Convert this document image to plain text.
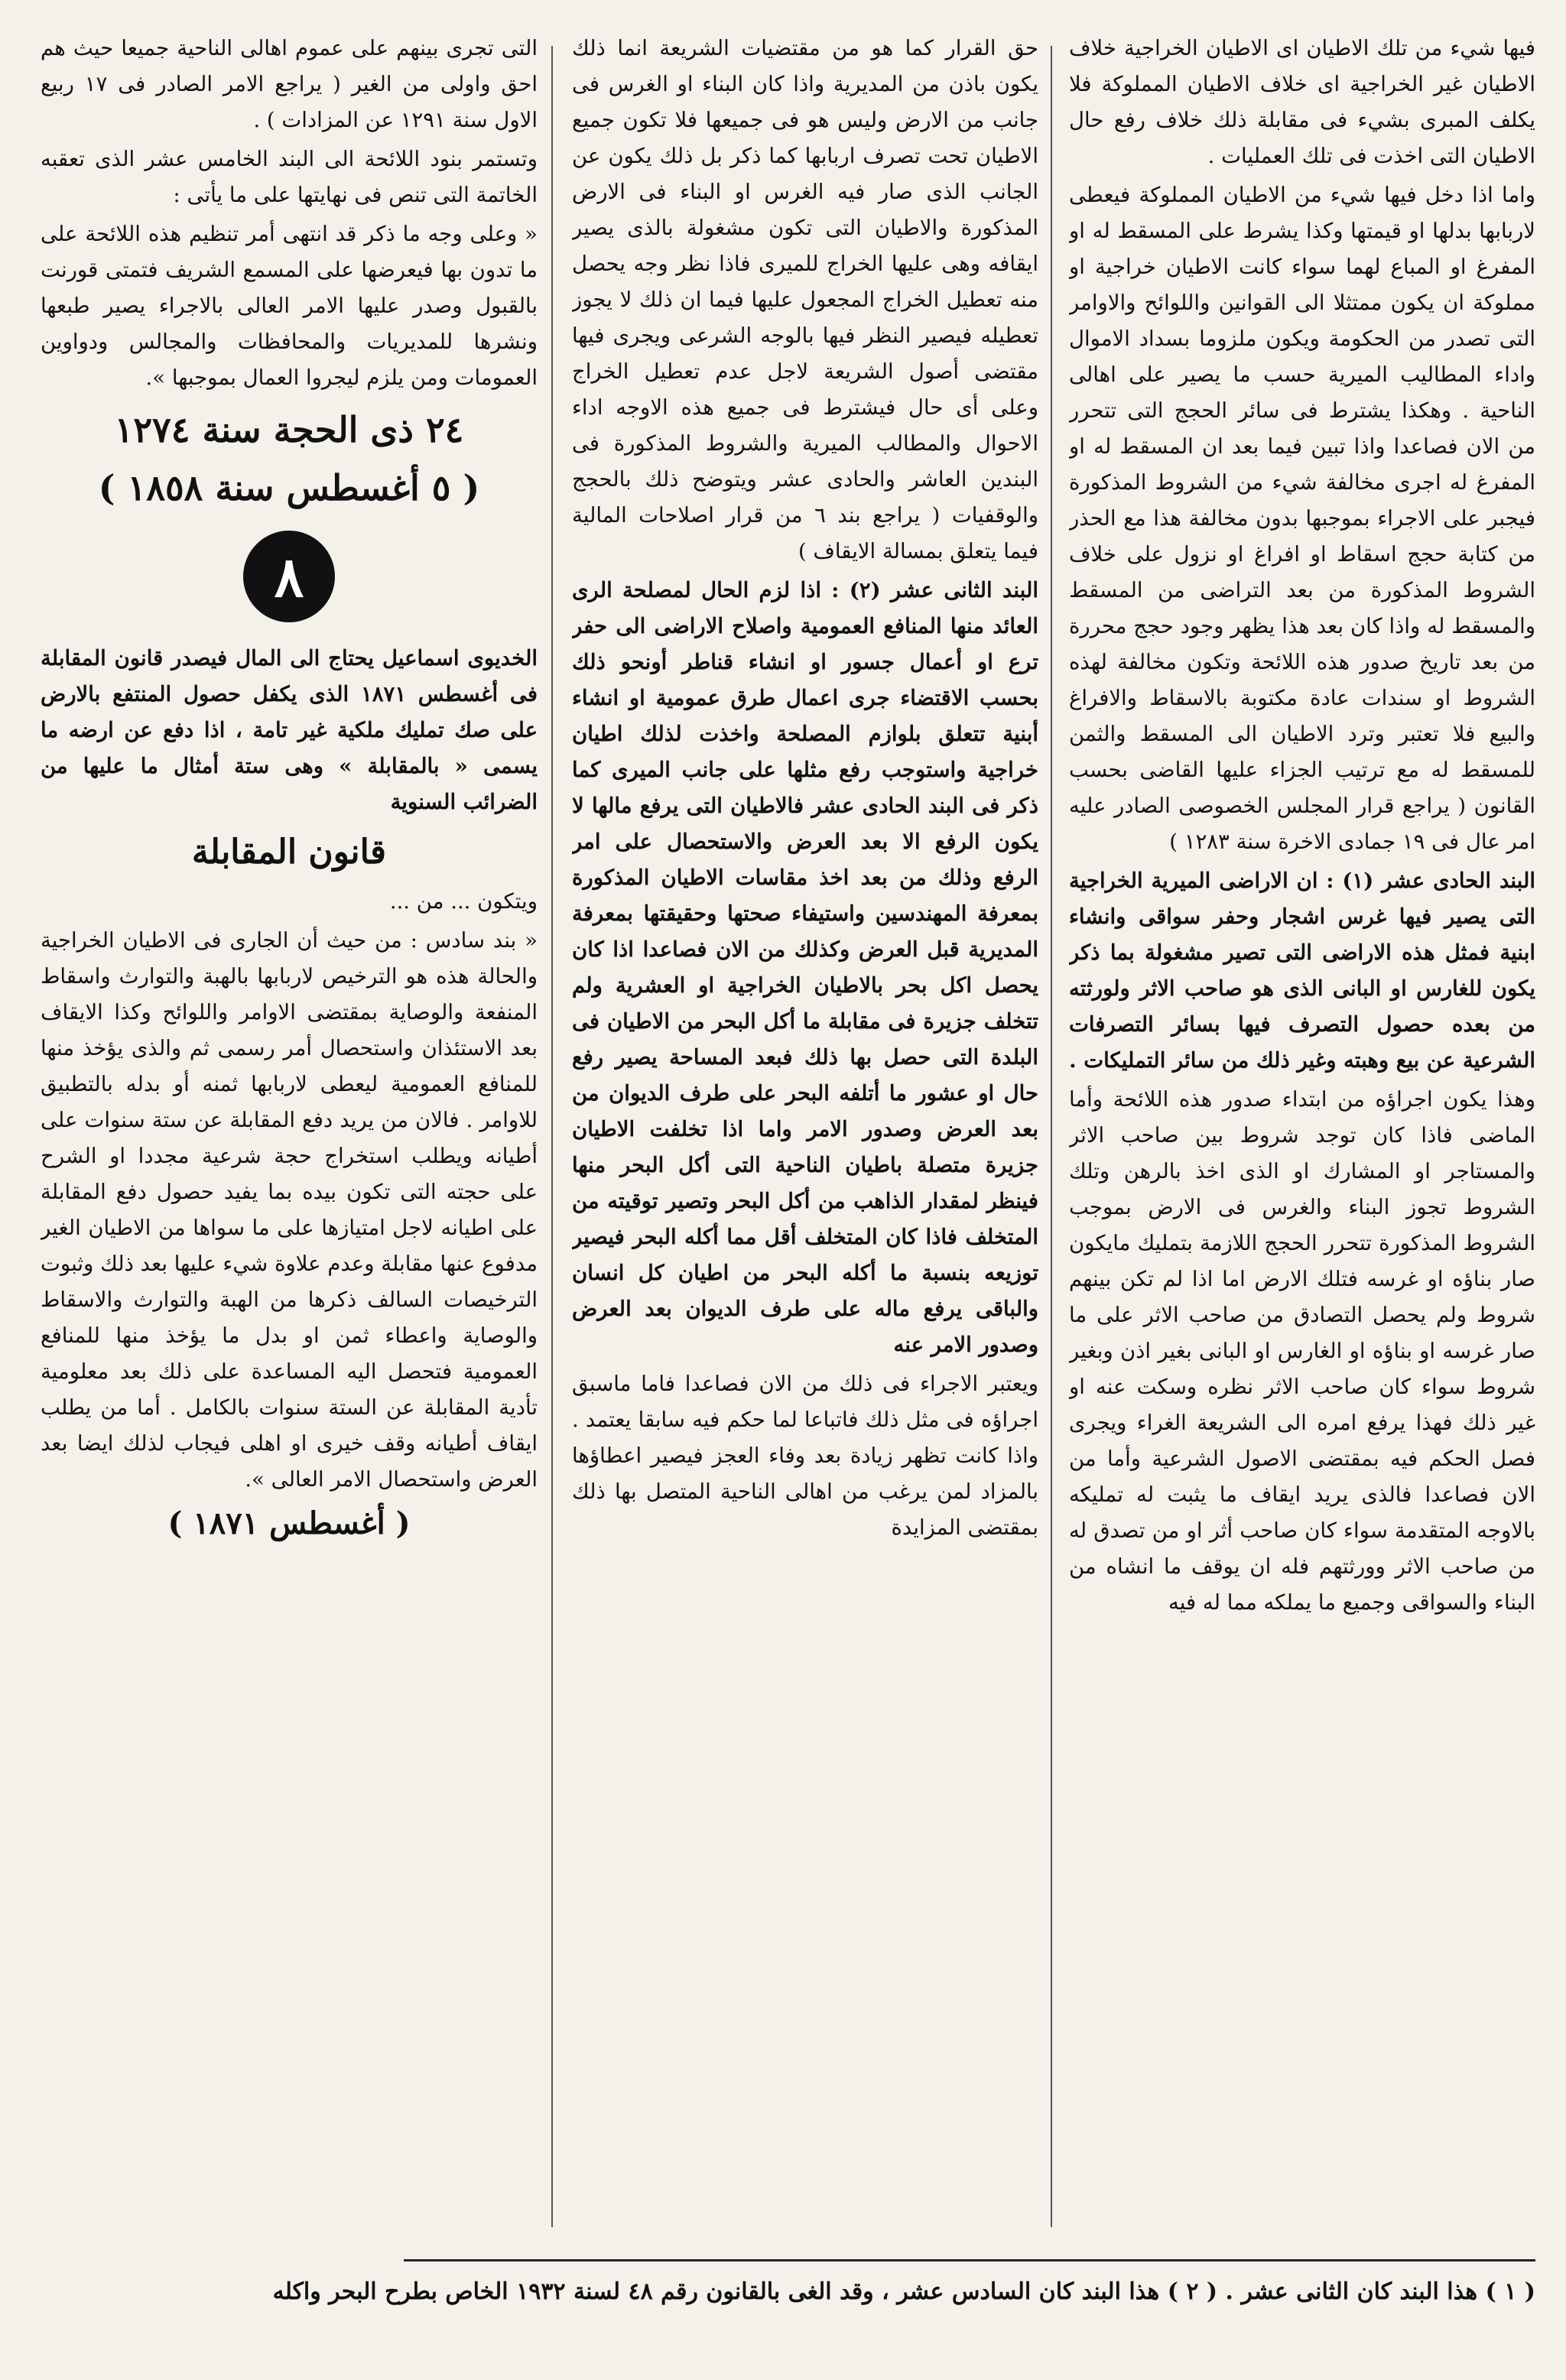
فيها شيء من تلك الاطيان اى الاطيان الخراجية خلاف الاطيان غير الخراجية اى خلاف الاطيان المملوكة فلا يكلف المبرى بشيء فى مقابلة ذلك خلاف رفع حال الاطيان التى اخذت فى تلك العمليات .

واما اذا دخل فيها شيء من الاطيان المملوكة فيعطى لاربابها بدلها او قيمتها وكذا يشرط على المسقط له او المفرغ او المباع لهما سواء كانت الاطيان خراجية او مملوكة ان يكون ممتثلا الى القوانين واللوائح والاوامر التى تصدر من الحكومة ويكون ملزوما بسداد الاموال واداء المطاليب الميرية حسب ما يصير على اهالى الناحية . وهكذا يشترط فى سائر الحجج التى تتحرر من الان فصاعدا واذا تبين فيما بعد ان المسقط له او المفرغ له اجرى مخالفة شيء من الشروط المذكورة فيجبر على الاجراء بموجبها بدون مخالفة هذا مع الحذر من كتابة حجج اسقاط او افراغ او نزول على خلاف الشروط المذكورة من بعد التراضى من المسقط والمسقط له واذا كان بعد هذا يظهر وجود حجج محررة من بعد تاريخ صدور هذه اللائحة وتكون مخالفة لهذه الشروط او سندات عادة مكتوبة بالاسقاط والافراغ والبيع فلا تعتبر وترد الاطيان الى المسقط والثمن للمسقط له مع ترتيب الجزاء عليها القاضى بحسب القانون ( يراجع قرار المجلس الخصوصى الصادر عليه امر عال فى ١٩ جمادى الاخرة سنة ١٢٨٣ )

البند الحادى عشر (١) : ان الاراضى الميرية الخراجية التى يصير فيها غرس اشجار وحفر سواقى وانشاء ابنية فمثل هذه الاراضى التى تصير مشغولة بما ذكر يكون للغارس او البانى الذى هو صاحب الاثر ولورثته من بعده حصول التصرف فيها بسائر التصرفات الشرعية عن بيع وهبته وغير ذلك من سائر التمليكات .

وهذا يكون اجراؤه من ابتداء صدور هذه اللائحة وأما الماضى فاذا كان توجد شروط بين صاحب الاثر والمستاجر او المشارك او الذى اخذ بالرهن وتلك الشروط تجوز البناء والغرس فى الارض بموجب الشروط المذكورة تتحرر الحجج اللازمة بتمليك مايكون صار بناؤه او غرسه فتلك الارض اما اذا لم تكن بينهم شروط ولم يحصل التصادق من صاحب الاثر على ما صار غرسه او بناؤه او الغارس او البانى بغير اذن وبغير شروط سواء كان صاحب الاثر نظره وسكت عنه او غير ذلك فهذا يرفع امره الى الشريعة الغراء ويجرى فصل الحكم فيه بمقتضى الاصول الشرعية وأما من الان فصاعدا فالذى يريد ايقاف ما يثبت له تمليكه بالاوجه المتقدمة سواء كان صاحب أثر او من تصدق له من صاحب الاثر وورثتهم فله ان يوقف ما انشاه من البناء والسواقى وجميع ما يملكه مما له فيه

حق القرار كما هو من مقتضيات الشريعة انما ذلك يكون باذن من المديرية واذا كان البناء او الغرس فى جانب من الارض وليس هو فى جميعها فلا تكون جميع الاطيان تحت تصرف اربابها كما ذكر بل ذلك يكون عن الجانب الذى صار فيه الغرس او البناء فى الارض المذكورة والاطيان التى تكون مشغولة بالذى يصير ايقافه وهى عليها الخراج للميرى فاذا نظر وجه يحصل منه تعطيل الخراج المجعول عليها فيما ان ذلك لا يجوز تعطيله فيصير النظر فيها بالوجه الشرعى ويجرى فيها مقتضى أصول الشريعة لاجل عدم تعطيل الخراج وعلى أى حال فيشترط فى جميع هذه الاوجه اداء الاحوال والمطالب الميرية والشروط المذكورة فى البندين العاشر والحادى عشر ويتوضح ذلك بالحجج والوقفيات ( يراجع بند ٦ من قرار اصلاحات المالية فيما يتعلق بمسالة الايقاف )

البند الثانى عشر (٢) : اذا لزم الحال لمصلحة الرى العائد منها المنافع العمومية واصلاح الاراضى الى حفر ترع او أعمال جسور او انشاء قناطر أونحو ذلك بحسب الاقتضاء جرى اعمال طرق عمومية او انشاء أبنية تتعلق بلوازم المصلحة واخذت لذلك اطيان خراجية واستوجب رفع مثلها على جانب الميرى كما ذكر فى البند الحادى عشر فالاطيان التى يرفع مالها لا يكون الرفع الا بعد العرض والاستحصال على امر الرفع وذلك من بعد اخذ مقاسات الاطيان المذكورة بمعرفة المهندسين واستيفاء صحتها وحقيقتها بمعرفة المديرية قبل العرض وكذلك من الان فصاعدا اذا كان يحصل اكل بحر بالاطيان الخراجية او العشرية ولم تتخلف جزيرة فى مقابلة ما أكل البحر من الاطيان فى البلدة التى حصل بها ذلك فبعد المساحة يصير رفع حال او عشور ما أتلفه البحر على طرف الديوان من بعد العرض وصدور الامر واما اذا تخلفت الاطيان جزيرة متصلة باطيان الناحية التى أكل البحر منها فينظر لمقدار الذاهب من أكل البحر وتصير توقيته من المتخلف فاذا كان المتخلف أقل مما أكله البحر فيصير توزيعه بنسبة ما أكله البحر من اطيان كل انسان والباقى يرفع ماله على طرف الديوان بعد العرض وصدور الامر عنه

ويعتبر الاجراء فى ذلك من الان فصاعدا فاما ماسبق اجراؤه فى مثل ذلك فاتباعا لما حكم فيه سابقا يعتمد . واذا كانت تظهر زيادة بعد وفاء العجز فيصير اعطاؤها بالمزاد لمن يرغب من اهالى الناحية المتصل بها ذلك بمقتضى المزايدة

التى تجرى بينهم على عموم اهالى الناحية جميعا حيث هم احق واولى من الغير ( يراجع الامر الصادر فى ١٧ ربيع الاول سنة ١٢٩١ عن المزادات ) .

وتستمر بنود اللائحة الى البند الخامس عشر الذى تعقبه الخاتمة التى تنص فى نهايتها على ما يأتى :

« وعلى وجه ما ذكر قد انتهى أمر تنظيم هذه اللائحة على ما تدون بها فيعرضها على المسمع الشريف فتمتى قورنت بالقبول وصدر عليها الامر العالى بالاجراء يصير طبعها ونشرها للمديريات والمحافظات والمجالس ودواوين العمومات ومن يلزم ليجروا العمال بموجبها ».

٢٤ ذى الحجة سنة ١٢٧٤
( ٥ أغسطس سنة ١٨٥٨ )
٨

الخديوى اسماعيل يحتاج الى المال فيصدر قانون المقابلة فى أغسطس ١٨٧١ الذى يكفل حصول المنتفع بالارض على صك تمليك ملكية غير تامة ، اذا دفع عن ارضه ما يسمى « بالمقابلة » وهى ستة أمثال ما عليها من الضرائب السنوية

قانون المقابلة

ويتكون ... من ...

« بند سادس : من حيث أن الجارى فى الاطيان الخراجية والحالة هذه هو الترخيص لاربابها بالهبة والتوارث واسقاط المنفعة والوصاية بمقتضى الاوامر واللوائح وكذا الايقاف بعد الاستئذان واستحصال أمر رسمى ثم والذى يؤخذ منها للمنافع العمومية ليعطى لاربابها ثمنه أو بدله بالتطبيق للاوامر . فالان من يريد دفع المقابلة عن ستة سنوات على أطيانه ويطلب استخراج حجة شرعية مجددا او الشرح على حجته التى تكون بيده بما يفيد حصول دفع المقابلة على اطيانه لاجل امتيازها على ما سواها من الاطيان الغير مدفوع عنها مقابلة وعدم علاوة شيء عليها بعد ذلك وثبوت الترخيصات السالف ذكرها من الهبة والتوارث والاسقاط والوصاية واعطاء ثمن او بدل ما يؤخذ منها للمنافع العمومية فتحصل اليه المساعدة على ذلك بعد معلومية تأدية المقابلة عن الستة سنوات بالكامل . أما من يطلب ايقاف أطيانه وقف خيرى او اهلى فيجاب لذلك ايضا بعد العرض واستحصال الامر العالى ».

( أغسطس ١٨٧١ )
( ١ ) هذا البند كان الثانى عشر . ( ٢ ) هذا البند كان السادس عشر ، وقد الغى بالقانون رقم ٤٨ لسنة ١٩٣٢ الخاص بطرح البحر واكله
